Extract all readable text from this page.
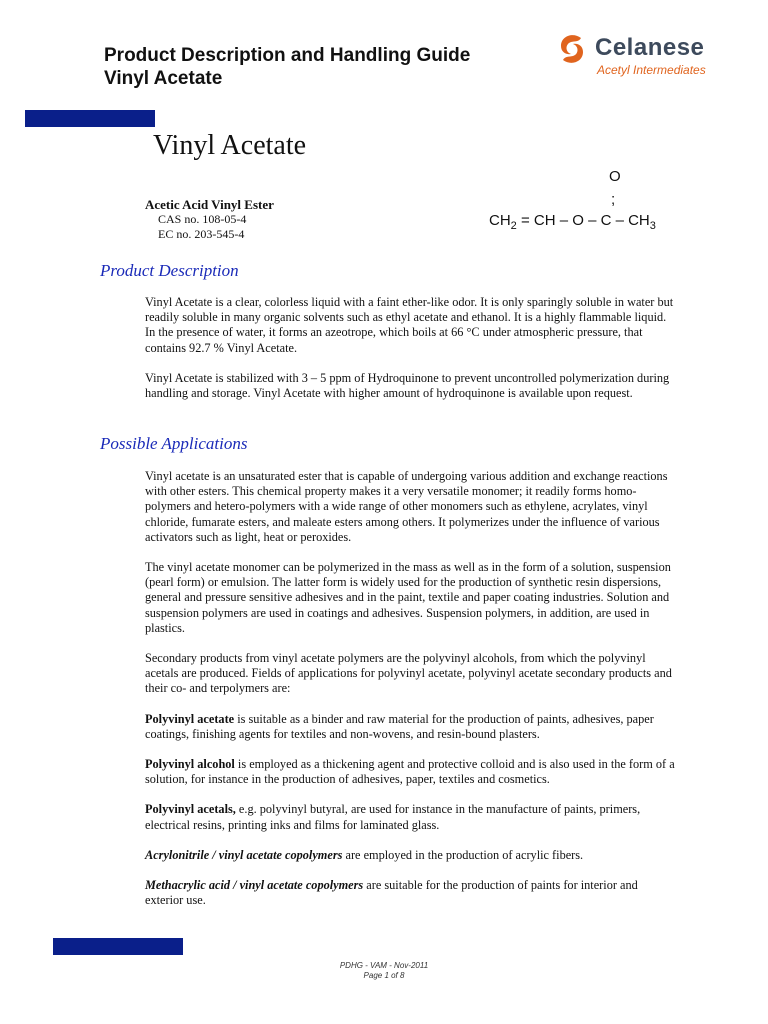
Product Description and Handling Guide
Vinyl Acetate
Celanese
Acetyl Intermediates
Vinyl Acetate
Acetic Acid Vinyl Ester
CAS no. 108-05-4
EC no. 203-545-4
O
;
$CH_2$ = CH – O – C – $CH_3$
Product Description

Vinyl Acetate is a clear, colorless liquid with a faint ether-like odor. It is only sparingly soluble in water but readily soluble in many organic solvents such as ethyl acetate and ethanol. It is a highly flammable liquid. In the presence of water, it forms an azeotrope, which boils at 66 °C under atmospheric pressure, that contains 92.7 % Vinyl Acetate.

Vinyl Acetate is stabilized with 3 – 5 ppm of Hydroquinone to prevent uncontrolled polymerization during handling and storage. Vinyl Acetate with higher amount of hydroquinone is available upon request.

Possible Applications

Vinyl acetate is an unsaturated ester that is capable of undergoing various addition and exchange reactions with other esters. This chemical property makes it a very versatile monomer; it readily forms homo-polymers and hetero-polymers with a wide range of other monomers such as ethylene, acrylates, vinyl chloride, fumarate esters, and maleate esters among others. It polymerizes under the influence of various activators such as light, heat or peroxides.

The vinyl acetate monomer can be polymerized in the mass as well as in the form of a solution, suspension (pearl form) or emulsion. The latter form is widely used for the production of synthetic resin dispersions, general and pressure sensitive adhesives and in the paint, textile and paper coating industries. Solution and suspension polymers are used in coatings and adhesives. Suspension polymers, in addition, are used in plastics.

Secondary products from vinyl acetate polymers are the polyvinyl alcohols, from which the polyvinyl acetals are produced. Fields of applications for polyvinyl acetate, polyvinyl acetate secondary products and their co- and terpolymers are:

Polyvinyl acetate is suitable as a binder and raw material for the production of paints, adhesives, paper coatings, finishing agents for textiles and non-wovens, and resin-bound plasters.

Polyvinyl alcohol is employed as a thickening agent and protective colloid and is also used in the form of a solution, for instance in the production of adhesives, paper, textiles and cosmetics.

Polyvinyl acetals, e.g. polyvinyl butyral, are used for instance in the manufacture of paints, primers, electrical resins, printing inks and films for laminated glass.

Acrylonitrile / vinyl acetate copolymers are employed in the production of acrylic fibers.

Methacrylic acid / vinyl acetate copolymers are suitable for the production of paints for interior and exterior use.

PDHG - VAM - Nov-2011
Page 1 of 8
